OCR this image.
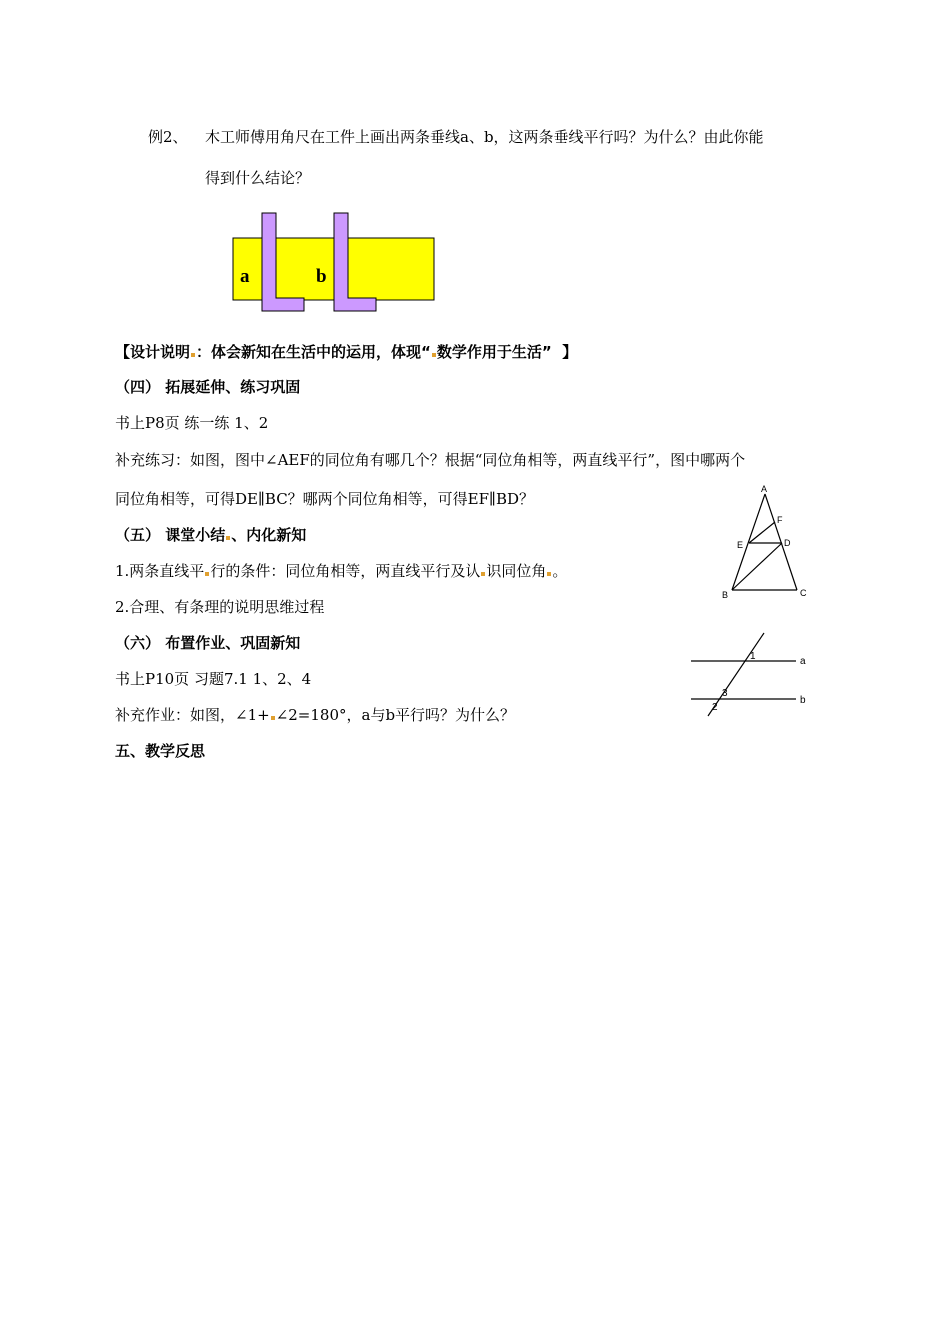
例2、 木工师傅用角尺在工件上画出两条垂线a、b，这两条垂线平行吗？为什么？由此你能
得到什么结论？
a	b
【设计说明 ：体会新知在生活中的运用，体现“ 数学作用于生活” 】
（四） 拓展延伸、练习巩固
书上P8页 练一练 1、2
补充练习：如图，图中∠AEF的同位角有哪几个？根据“同位角相等，两直线平行”，图中哪两个
同位角相等，可得DE∥BC？哪两个同位角相等，可得EF∥BD？
A
F
E	D
B	C
（五） 课堂小结 、内化新知
1.两条直线平 行的条件：同位角相等，两直线平行及认 识同位角 。
2.合理、有条理的说明思维过程
（六） 布置作业、巩固新知
书上P10页 习题7.1 1、2、4
补充作业：如图，∠1+ ∠2=180°，a与b平行吗？为什么？
1
3
2
a
b
五、教学反思
